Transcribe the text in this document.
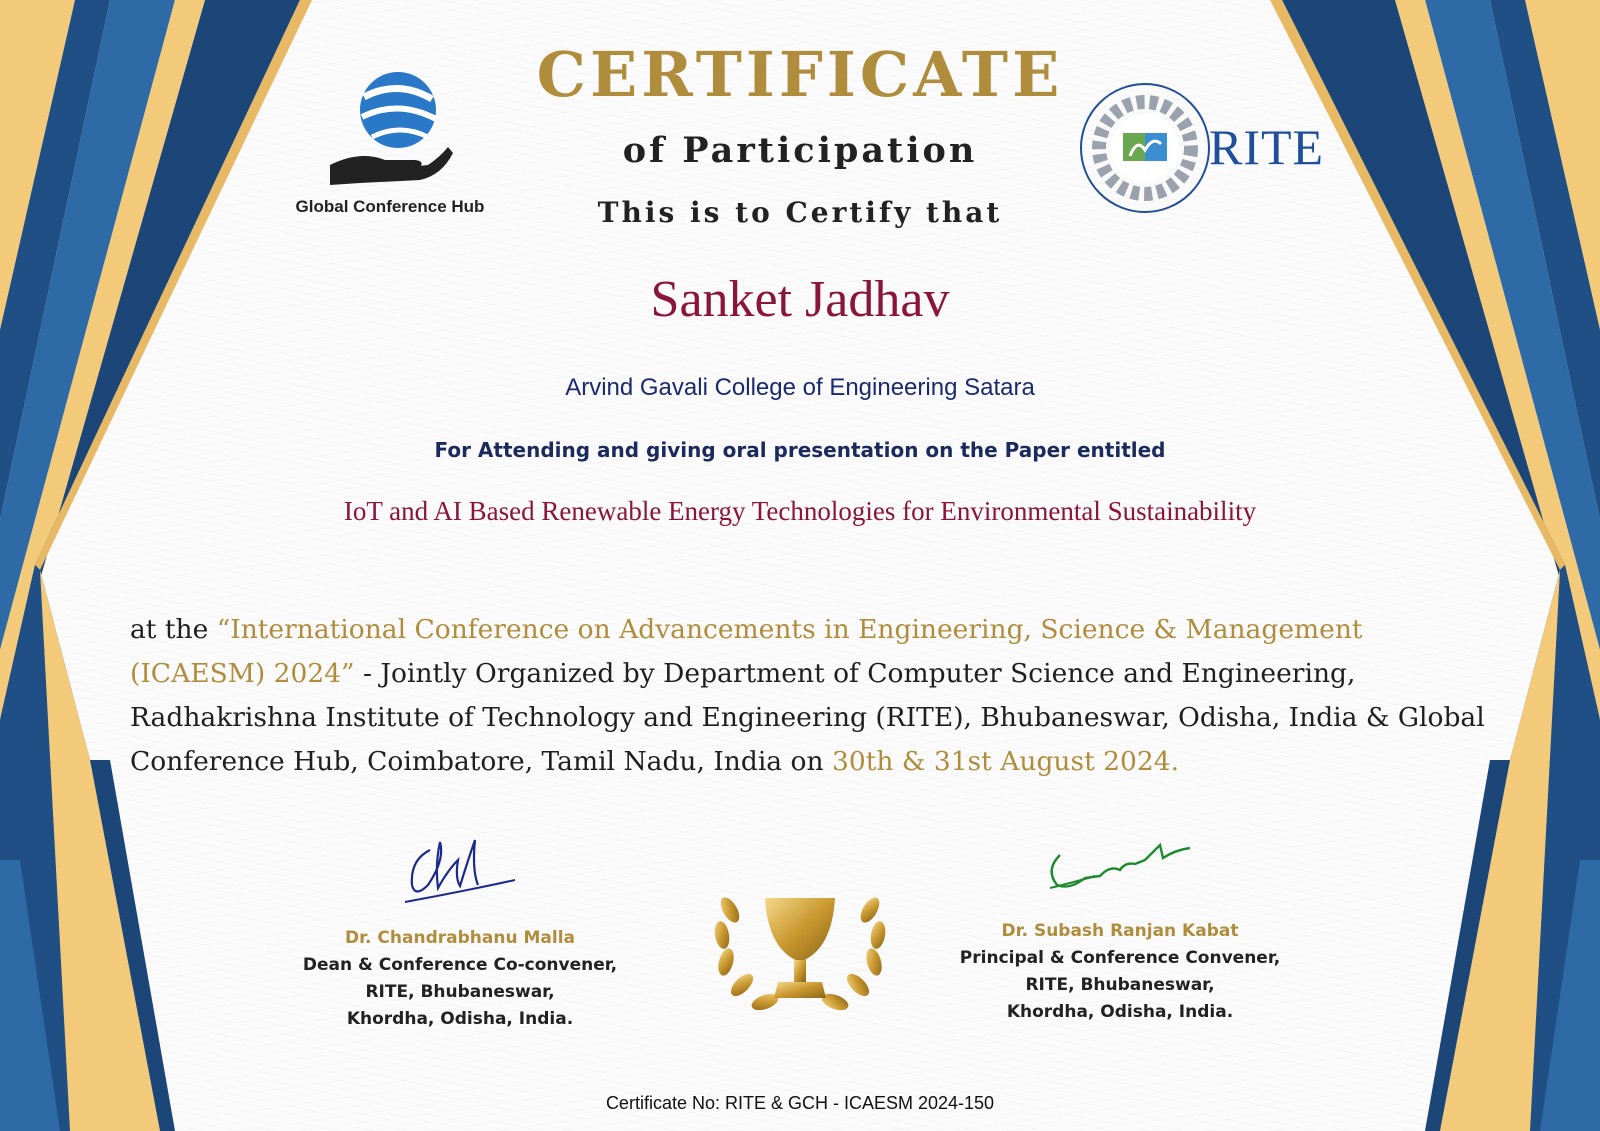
Global Conference Hub
RITE
CERTIFICATE
of Participation
This is to Certify that
Sanket Jadhav
Arvind Gavali College of Engineering Satara
For Attending and giving oral presentation on the Paper entitled
IoT and AI Based Renewable Energy Technologies for Environmental Sustainability
at the “International Conference on Advancements in Engineering, Science & Management (ICAESM) 2024” - Jointly Organized by Department of Computer Science and Engineering, Radhakrishna Institute of Technology and Engineering (RITE), Bhubaneswar, Odisha, India & Global Conference Hub, Coimbatore, Tamil Nadu, India on 30th & 31st August 2024.
Dr. Chandrabhanu Malla
Dean & Conference Co-convener,
RITE, Bhubaneswar,
Khordha, Odisha, India.
Dr. Subash Ranjan Kabat
Principal & Conference Convener,
RITE, Bhubaneswar,
Khordha, Odisha, India.
Certificate No: RITE & GCH - ICAESM 2024-150
